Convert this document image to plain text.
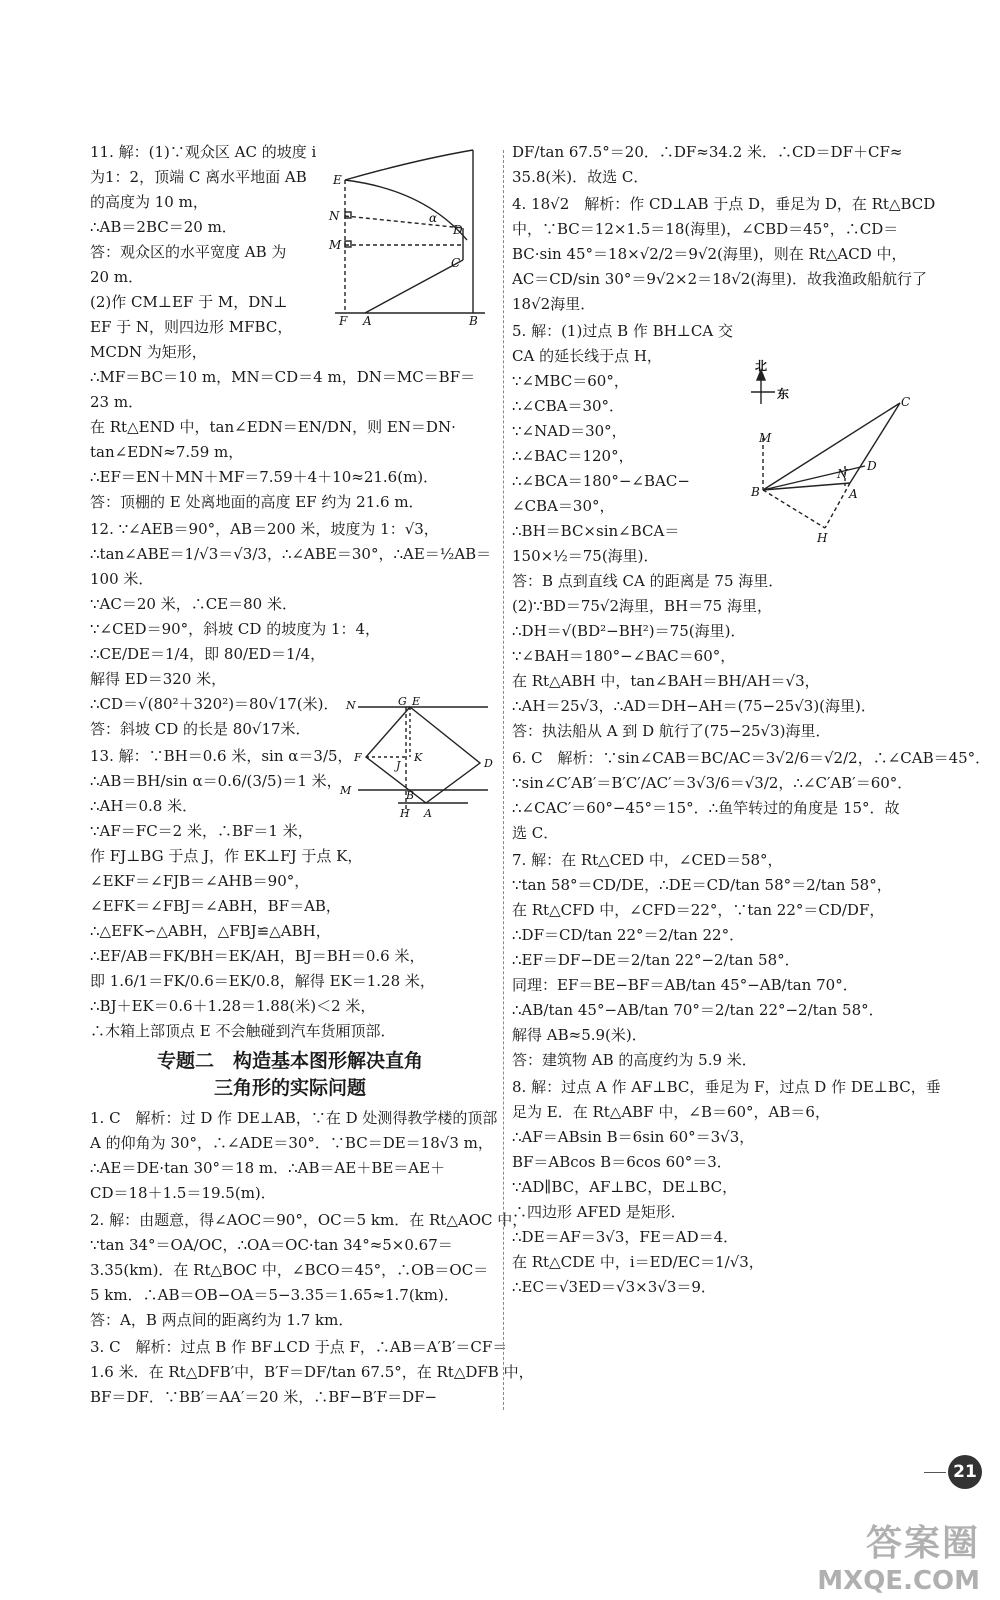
11. 解：(1)∵观众区 AC 的坡度 i
为1：2，顶端 C 离水平地面 AB
的高度为 10 m，
∴AB＝2BC＝20 m．
答：观众区的水平宽度 AB 为
20 m．
(2)作 CM⊥EF 于 M，DN⊥
EF 于 N，则四边形 MFBC，
MCDN 为矩形，
∴MF＝BC＝10 m，MN＝CD＝4 m，DN＝MC＝BF＝
23 m．
在 Rt△END 中，tan∠EDN＝EN/DN，则 EN＝DN·
tan∠EDN≈7.59 m，
∴EF＝EN＋MN＋MF＝7.59＋4＋10≈21.6(m)．
答：顶棚的 E 处离地面的高度 EF 约为 21.6 m．
12. ∵∠AEB＝90°，AB＝200 米，坡度为 1：√3，
∴tan∠ABE＝1/√3＝√3/3，∴∠ABE＝30°，∴AE＝½AB＝
100 米．
∵AC＝20 米，∴CE＝80 米．
∵∠CED＝90°，斜坡 CD 的坡度为 1：4，
∴CE/DE＝1/4，即 80/ED＝1/4，
解得 ED＝320 米，
∴CD＝√(80²＋320²)＝80√17(米)．
答：斜坡 CD 的长是 80√17米．
13. 解：∵BH＝0.6 米，sin α＝3/5，
∴AB＝BH/sin α＝0.6/(3/5)＝1 米，
∴AH＝0.8 米．
∵AF＝FC＝2 米，∴BF＝1 米，
作 FJ⊥BG 于点 J，作 EK⊥FJ 于点 K，
∠EKF＝∠FJB＝∠AHB＝90°，
∠EFK＝∠FBJ＝∠ABH，BF＝AB，
∴△EFK∽△ABH，△FBJ≌△ABH，
∴EF/AB＝FK/BH＝EK/AH，BJ＝BH＝0.6 米，
即 1.6/1＝FK/0.6＝EK/0.8，解得 EK＝1.28 米，
∴BJ＋EK＝0.6＋1.28＝1.88(米)＜2 米，
∴木箱上部顶点 E 不会触碰到汽车货厢顶部．
专题二　构造基本图形解决直角
三角形的实际问题
1. C　解析：过 D 作 DE⊥AB，∵在 D 处测得教学楼的顶部
A 的仰角为 30°，∴∠ADE＝30°．∵BC＝DE＝18√3 m，
∴AE＝DE·tan 30°＝18 m．∴AB＝AE＋BE＝AE＋
CD＝18＋1.5＝19.5(m)．
2. 解：由题意，得∠AOC＝90°，OC＝5 km．在 Rt△AOC 中，
∵tan 34°＝OA/OC，∴OA＝OC·tan 34°≈5×0.67＝
3.35(km)．在 Rt△BOC 中，∠BCO＝45°，∴OB＝OC＝
5 km．∴AB＝OB−OA＝5−3.35＝1.65≈1.7(km)．
答：A，B 两点间的距离约为 1.7 km．
3. C　解析：过点 B 作 BF⊥CD 于点 F，∴AB＝A′B′＝CF＝
1.6 米．在 Rt△DFB′中，B′F＝DF/tan 67.5°，在 Rt△DFB 中，
BF＝DF．∵BB′＝AA′＝20 米，∴BF−B′F＝DF−
DF/tan 67.5°＝20．∴DF≈34.2 米．∴CD＝DF＋CF≈
35.8(米)．故选 C．
4. 18√2　解析：作 CD⊥AB 于点 D，垂足为 D，在 Rt△BCD
中，∵BC＝12×1.5＝18(海里)，∠CBD＝45°，∴CD＝
BC·sin 45°＝18×√2/2＝9√2(海里)，则在 Rt△ACD 中，
AC＝CD/sin 30°＝9√2×2＝18√2(海里)．故我渔政船航行了
18√2海里．
5. 解：(1)过点 B 作 BH⊥CA 交
CA 的延长线于点 H，
∵∠MBC＝60°，
∴∠CBA＝30°．
∵∠NAD＝30°，
∴∠BAC＝120°，
∴∠BCA＝180°−∠BAC−
∠CBA＝30°，
∴BH＝BC×sin∠BCA＝
150×½＝75(海里)．
答：B 点到直线 CA 的距离是 75 海里．
(2)∵BD＝75√2海里，BH＝75 海里，
∴DH＝√(BD²−BH²)＝75(海里)．
∵∠BAH＝180°−∠BAC＝60°，
在 Rt△ABH 中，tan∠BAH＝BH/AH＝√3，
∴AH＝25√3，∴AD＝DH−AH＝(75−25√3)(海里)．
答：执法船从 A 到 D 航行了(75−25√3)海里．
6. C　解析：∵sin∠CAB＝BC/AC＝3√2/6＝√2/2，∴∠CAB＝45°．
∵sin∠C′AB′＝B′C′/AC′＝3√3/6＝√3/2，∴∠C′AB′＝60°．
∴∠CAC′＝60°−45°＝15°．∴鱼竿转过的角度是 15°．故
选 C．
7. 解：在 Rt△CED 中，∠CED＝58°，
∵tan 58°＝CD/DE，∴DE＝CD/tan 58°＝2/tan 58°，
在 Rt△CFD 中，∠CFD＝22°，∵tan 22°＝CD/DF，
∴DF＝CD/tan 22°＝2/tan 22°．
∴EF＝DF−DE＝2/tan 22°−2/tan 58°．
同理：EF＝BE−BF＝AB/tan 45°−AB/tan 70°．
∴AB/tan 45°−AB/tan 70°＝2/tan 22°−2/tan 58°．
解得 AB≈5.9(米)．
答：建筑物 AB 的高度约为 5.9 米．
8. 解：过点 A 作 AF⊥BC，垂足为 F，过点 D 作 DE⊥BC，垂
足为 E．在 Rt△ABF 中，∠B＝60°，AB＝6，
∴AF＝ABsin B＝6sin 60°＝3√3，
BF＝ABcos B＝6cos 60°＝3．
∵AD∥BC，AF⊥BC，DE⊥BC，
∴四边形 AFED 是矩形．
∴DE＝AF＝3√3，FE＝AD＝4．
在 Rt△CDE 中，i＝ED/EC＝1/√3，
∴EC＝√3ED＝√3×3√3＝9．
E
N
M
F A	B
C
D
α
N	G E
F
J
K	D
M	B
H A
C
北
东
C
M
N
D
B	A
H
21
答案圈
MXQE.COM
